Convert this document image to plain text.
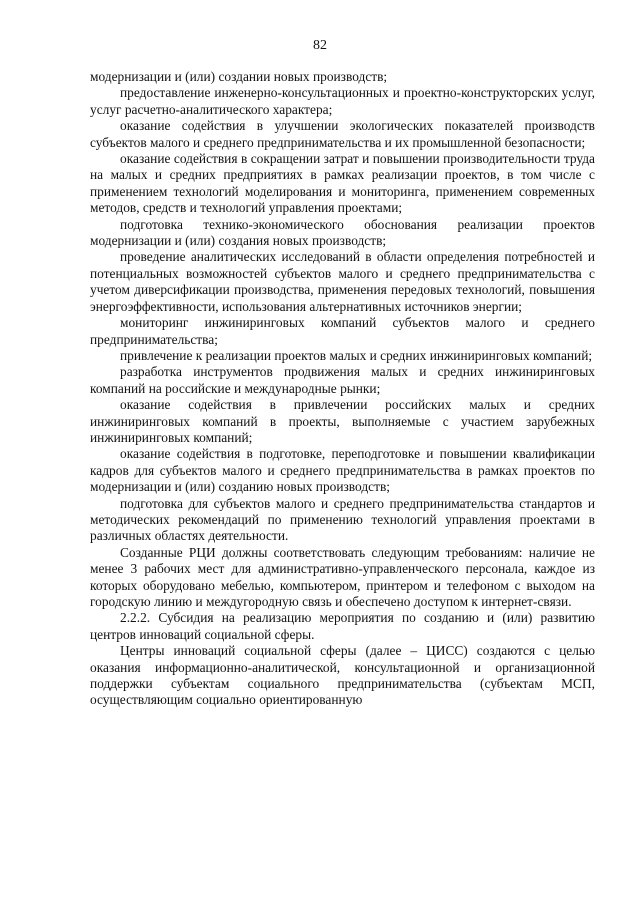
82

модернизации и (или) создании новых производств;

предоставление инженерно-консультационных и проектно-конструкторских услуг, услуг расчетно-аналитического характера;

оказание содействия в улучшении экологических показателей производств субъектов малого и среднего предпринимательства и их промышленной безопасности;

оказание содействия в сокращении затрат и повышении производительности труда на малых и средних предприятиях в рамках реализации проектов, в том числе с применением технологий моделирования и мониторинга, применением современных методов, средств и технологий управления проектами;

подготовка технико-экономического обоснования реализации проектов модернизации и (или) создания новых производств;

проведение аналитических исследований в области определения потребностей и потенциальных возможностей субъектов малого и среднего предпринимательства с учетом диверсификации производства, применения передовых технологий, повышения энергоэффективности, использования альтернативных источников энергии;

мониторинг инжиниринговых компаний субъектов малого и среднего предпринимательства;

привлечение к реализации проектов малых и средних инжиниринговых компаний;

разработка инструментов продвижения малых и средних инжиниринговых компаний на российские и международные рынки;

оказание содействия в привлечении российских малых и средних инжиниринговых компаний в проекты, выполняемые с участием зарубежных инжиниринговых компаний;

оказание содействия в подготовке, переподготовке и повышении квалификации кадров для субъектов малого и среднего предпринимательства в рамках проектов по модернизации и (или) созданию новых производств;

подготовка для субъектов малого и среднего предпринимательства стандартов и методических рекомендаций по применению технологий управления проектами в различных областях деятельности.

Созданные РЦИ должны соответствовать следующим требованиям: наличие не менее 3 рабочих мест для административно-управленческого персонала, каждое из которых оборудовано мебелью, компьютером, принтером и телефоном с выходом на городскую линию и междугородную связь и обеспечено доступом к интернет-связи.

2.2.2. Субсидия на реализацию мероприятия по созданию и (или) развитию центров инноваций социальной сферы.

Центры инноваций социальной сферы (далее – ЦИСС) создаются с целью оказания информационно-аналитической, консультационной и организационной поддержки субъектам социального предпринимательства (субъектам МСП, осуществляющим социально ориентированную
